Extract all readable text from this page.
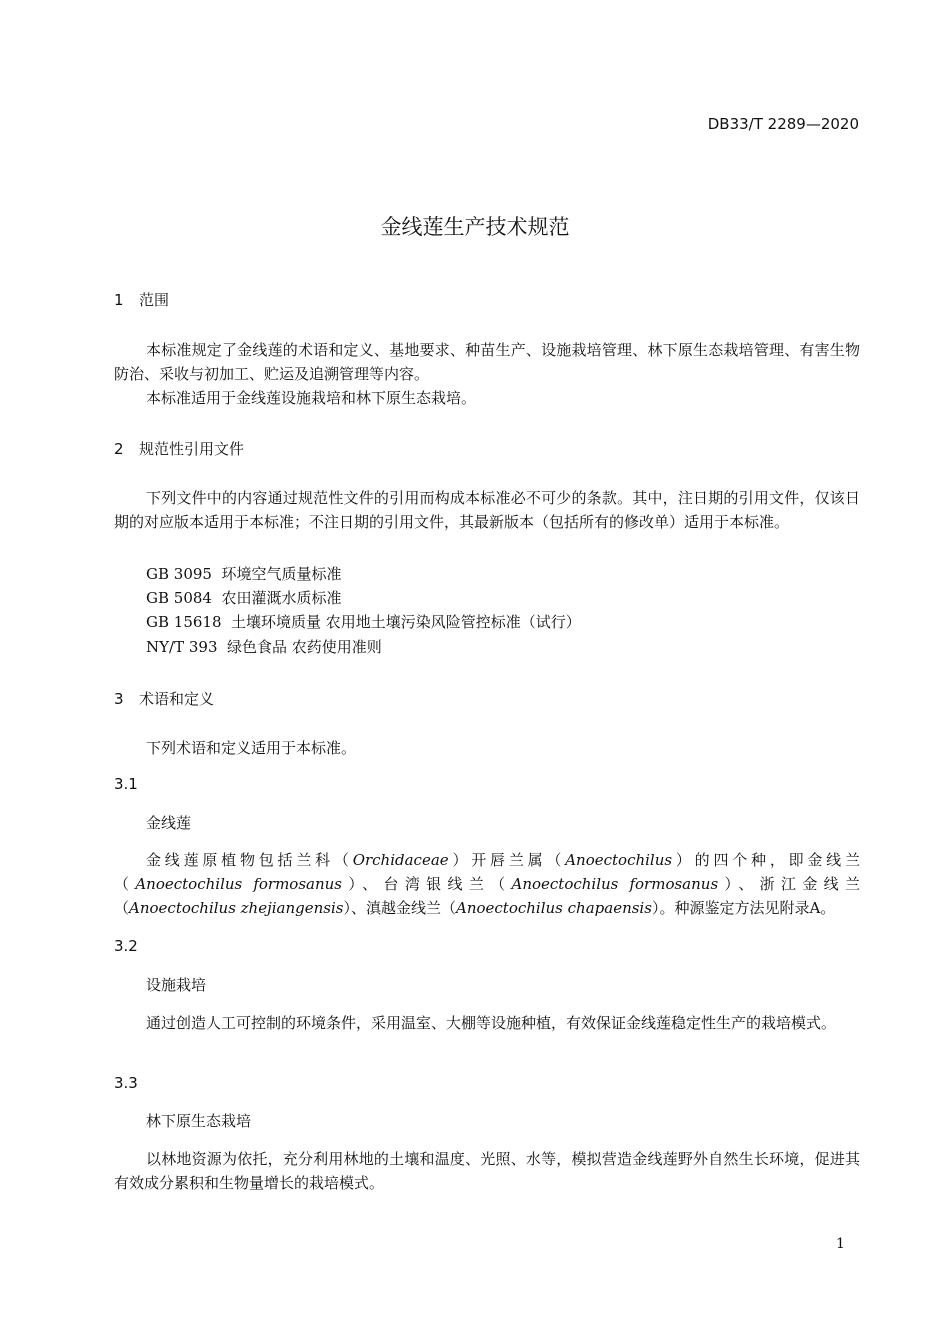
DB33/T 2289—2020
金线莲生产技术规范
1 范围
本标准规定了金线莲的术语和定义、基地要求、种苗生产、设施栽培管理、林下原生态栽培管理、有害生物防治、采收与初加工、贮运及追溯管理等内容。
本标准适用于金线莲设施栽培和林下原生态栽培。
2 规范性引用文件
下列文件中的内容通过规范性文件的引用而构成本标准必不可少的条款。其中，注日期的引用文件，仅该日期的对应版本适用于本标准；不注日期的引用文件，其最新版本（包括所有的修改单）适用于本标准。
GB 3095  环境空气质量标准
GB 5084  农田灌溉水质标准
GB 15618  土壤环境质量 农用地土壤污染风险管控标准（试行）
NY/T 393  绿色食品 农药使用准则
3 术语和定义
下列术语和定义适用于本标准。
3.1
金线莲
金线莲原植物包括兰科（Orchidaceae）开唇兰属（Anoectochilus）的四个种，即金线兰（Anoectochilus formosanus）、台湾银线兰（Anoectochilus formosanus）、浙江金线兰（Anoectochilus zhejiangensis）、滇越金线兰（Anoectochilus chapaensis）。种源鉴定方法见附录A。
3.2
设施栽培
通过创造人工可控制的环境条件，采用温室、大棚等设施种植，有效保证金线莲稳定性生产的栽培模式。
3.3
林下原生态栽培
以林地资源为依托，充分利用林地的土壤和温度、光照、水等，模拟营造金线莲野外自然生长环境，促进其有效成分累积和生物量增长的栽培模式。
1
